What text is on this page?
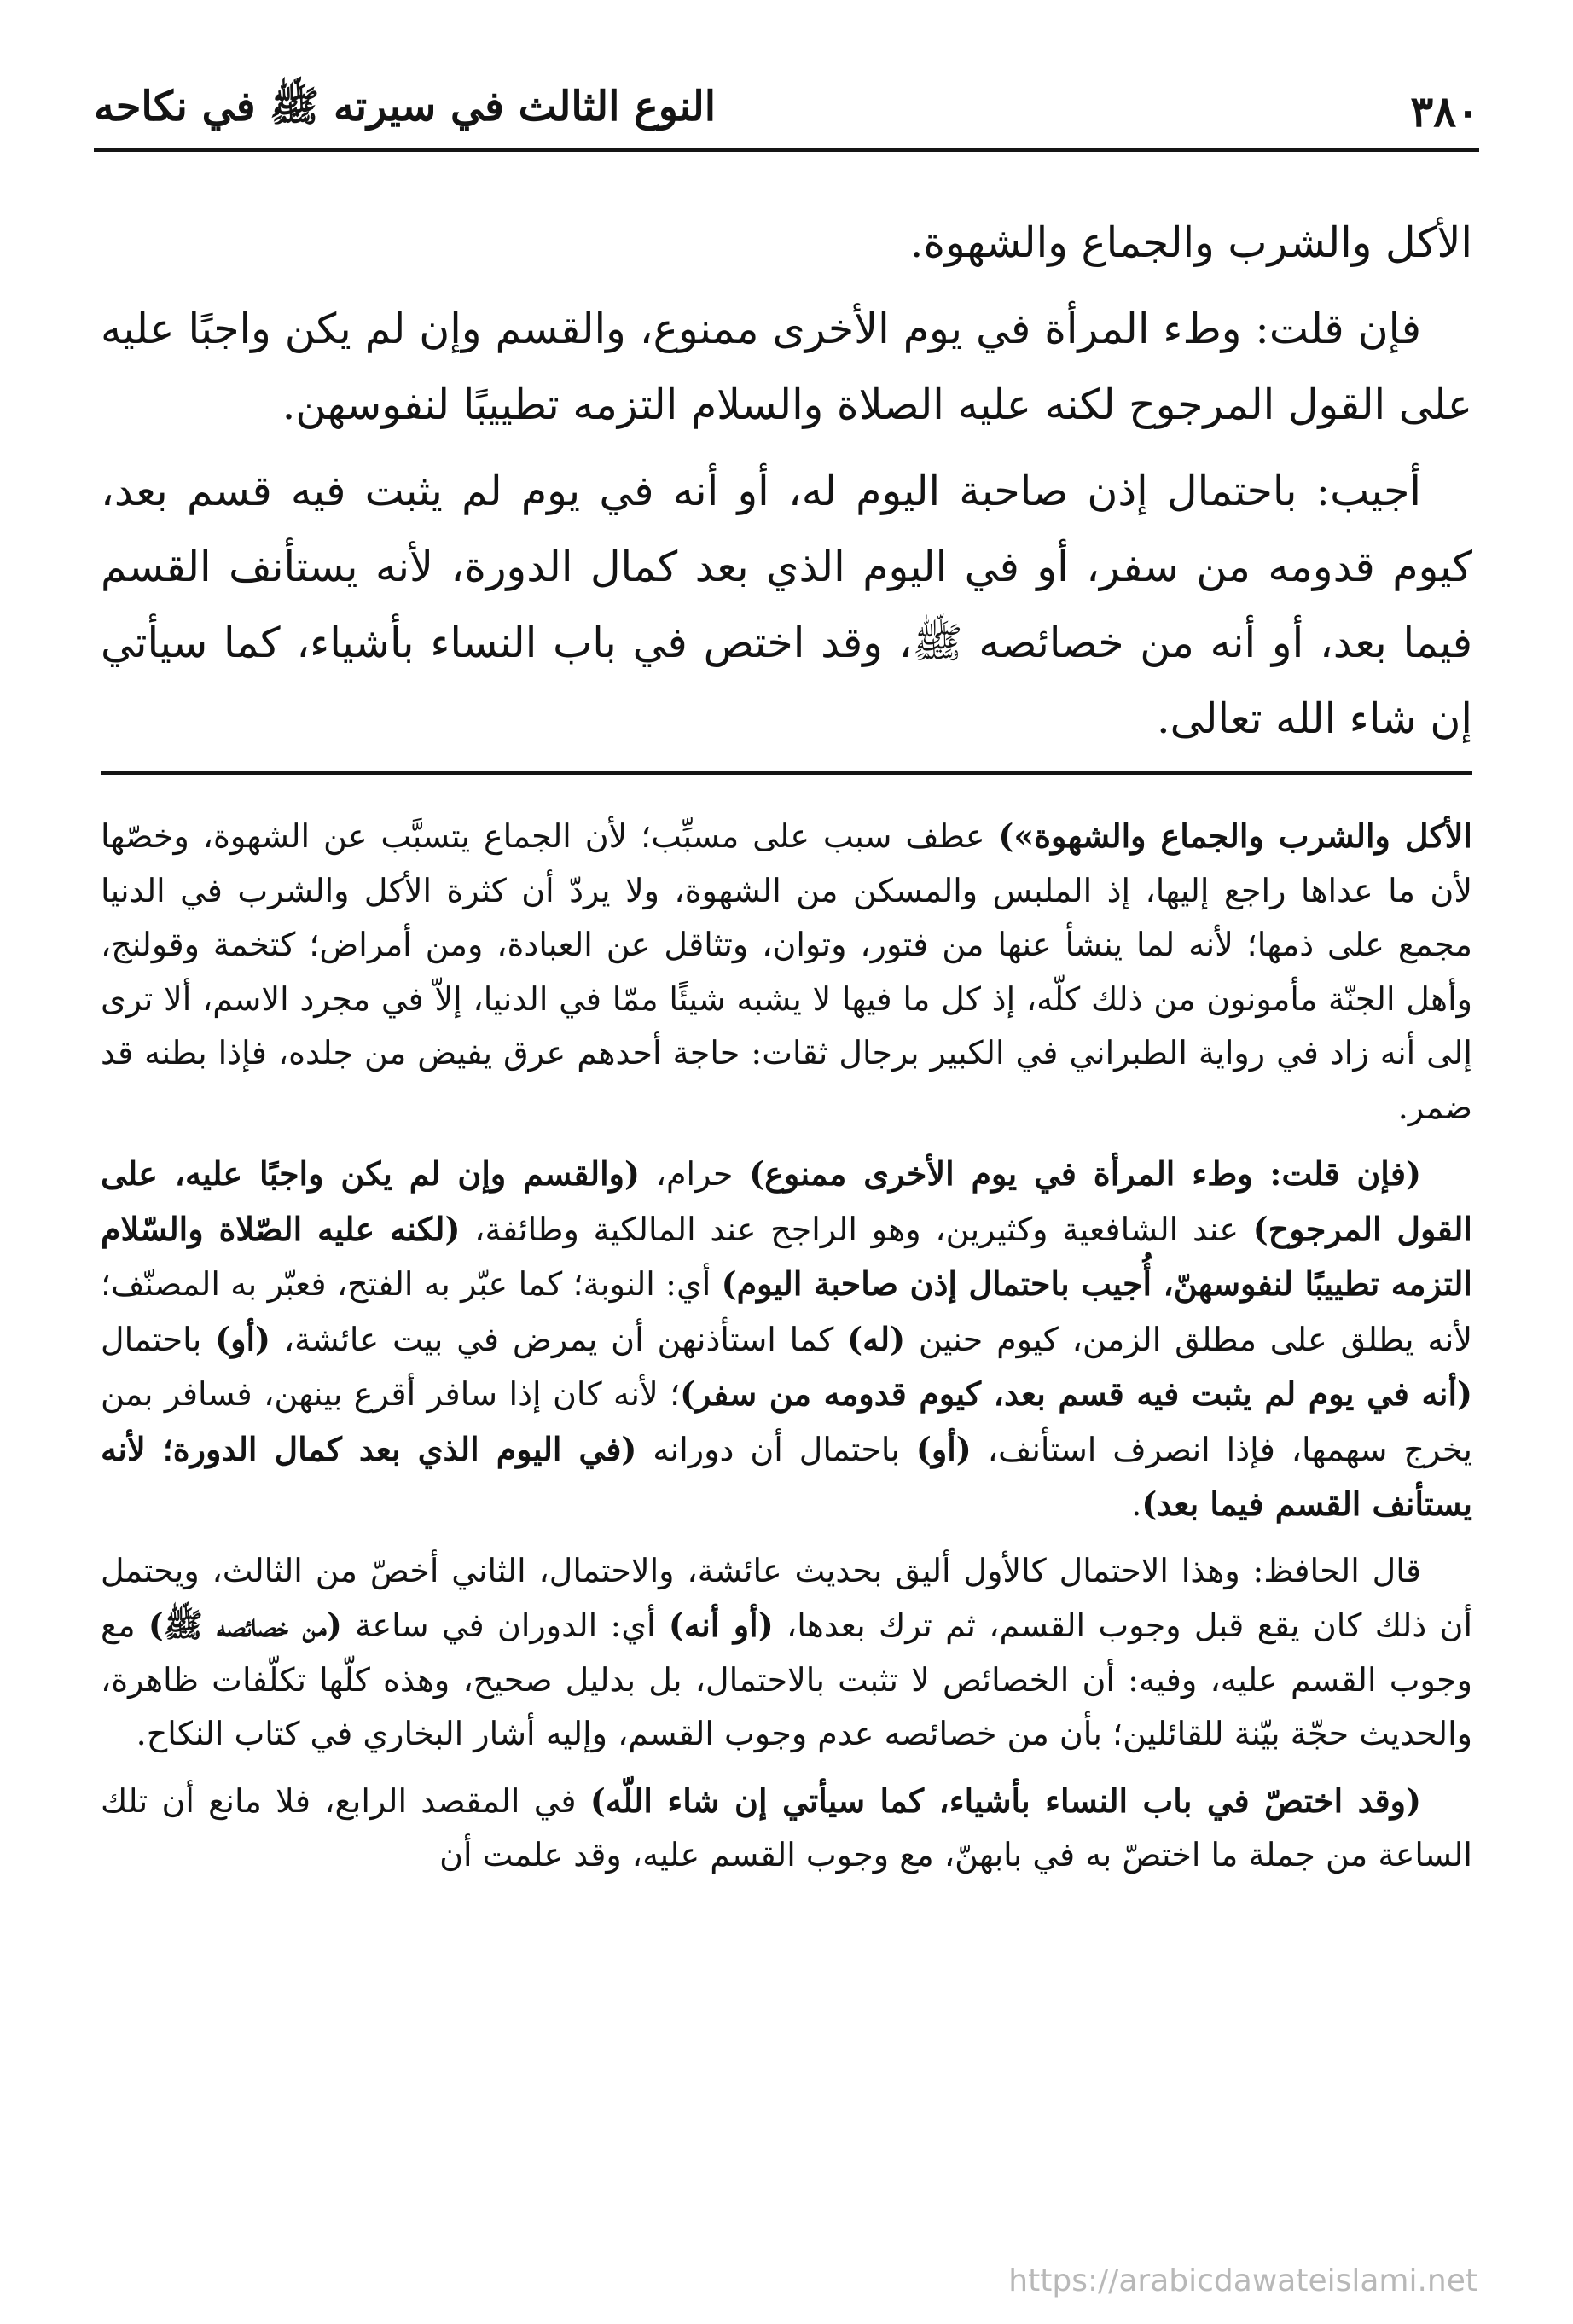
٣٨٠
النوع الثالث في سيرته ﷺ في نكاحه

الأكل والشرب والجماع والشهوة.

فإن قلت: وطء المرأة في يوم الأخرى ممنوع، والقسم وإن لم يكن واجبًا عليه على القول المرجوح لكنه عليه الصلاة والسلام التزمه تطييبًا لنفوسهن.

أجيب: باحتمال إذن صاحبة اليوم له، أو أنه في يوم لم يثبت فيه قسم بعد، كيوم قدومه من سفر، أو في اليوم الذي بعد كمال الدورة، لأنه يستأنف القسم فيما بعد، أو أنه من خصائصه ﷺ، وقد اختص في باب النساء بأشياء، كما سيأتي إن شاء الله تعالى.

الأكل والشرب والجماع والشهوة») عطف سبب على مسبِّب؛ لأن الجماع يتسبَّب عن الشهوة، وخصّها لأن ما عداها راجع إليها، إذ الملبس والمسكن من الشهوة، ولا يردّ أن كثرة الأكل والشرب في الدنيا مجمع على ذمها؛ لأنه لما ينشأ عنها من فتور، وتوان، وتثاقل عن العبادة، ومن أمراض؛ كتخمة وقولنج، وأهل الجنّة مأمونون من ذلك كلّه، إذ كل ما فيها لا يشبه شيئًا ممّا في الدنيا، إلاّ في مجرد الاسم، ألا ترى إلى أنه زاد في رواية الطبراني في الكبير برجال ثقات: حاجة أحدهم عرق يفيض من جلده، فإذا بطنه قد ضمر.

(فإن قلت: وطء المرأة في يوم الأخرى ممنوع) حرام، (والقسم وإن لم يكن واجبًا عليه، على القول المرجوح) عند الشافعية وكثيرين، وهو الراجح عند المالكية وطائفة، (لكنه عليه الصّلاة والسّلام التزمه تطييبًا لنفوسهنّ، أُجيب باحتمال إذن صاحبة اليوم) أي: النوبة؛ كما عبّر به الفتح، فعبّر به المصنّف؛ لأنه يطلق على مطلق الزمن، كيوم حنين (له) كما استأذنهن أن يمرض في بيت عائشة، (أو) باحتمال (أنه في يوم لم يثبت فيه قسم بعد، كيوم قدومه من سفر)؛ لأنه كان إذا سافر أقرع بينهن، فسافر بمن يخرج سهمها، فإذا انصرف استأنف، (أو) باحتمال أن دورانه (في اليوم الذي بعد كمال الدورة؛ لأنه يستأنف القسم فيما بعد).

قال الحافظ: وهذا الاحتمال كالأول أليق بحديث عائشة، والاحتمال، الثاني أخصّ من الثالث، ويحتمل أن ذلك كان يقع قبل وجوب القسم، ثم ترك بعدها، (أو أنه) أي: الدوران في ساعة (من خصائصه ﷺ) مع وجوب القسم عليه، وفيه: أن الخصائص لا تثبت بالاحتمال، بل بدليل صحيح، وهذه كلّها تكلّفات ظاهرة، والحديث حجّة بيّنة للقائلين؛ بأن من خصائصه عدم وجوب القسم، وإليه أشار البخاري في كتاب النكاح.

(وقد اختصّ في باب النساء بأشياء، كما سيأتي إن شاء اللّه) في المقصد الرابع، فلا مانع أن تلك الساعة من جملة ما اختصّ به في بابهنّ، مع وجوب القسم عليه، وقد علمت أن

https://arabicdawateislami.net
